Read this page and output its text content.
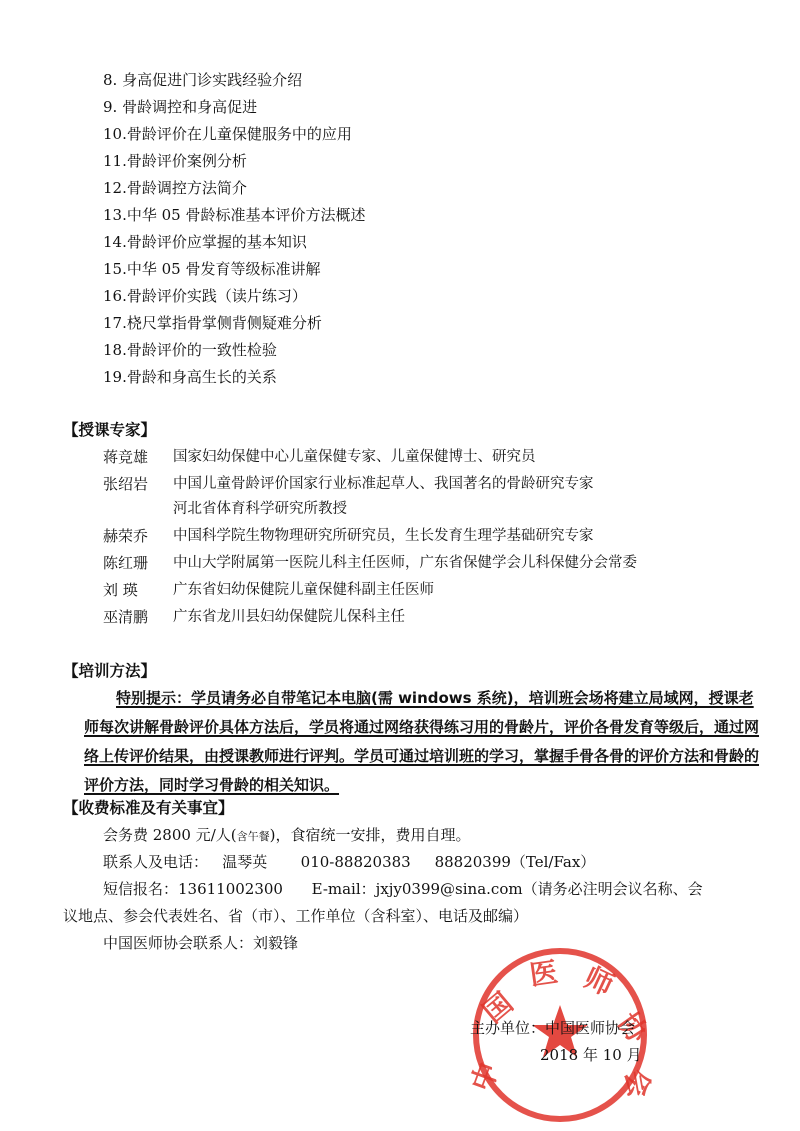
8. 身高促进门诊实践经验介绍
9. 骨龄调控和身高促进
10.骨龄评价在儿童保健服务中的应用
11.骨龄评价案例分析
12.骨龄调控方法简介
13.中华 05 骨龄标准基本评价方法概述
14.骨龄评价应掌握的基本知识
15.中华 05 骨发育等级标准讲解
16.骨龄评价实践（读片练习）
17.桡尺掌指骨掌侧背侧疑难分析
18.骨龄评价的一致性检验
19.骨龄和身高生长的关系
【授课专家】
蒋竞雄 国家妇幼保健中心儿童保健专家、儿童保健博士、研究员
张绍岩 中国儿童骨龄评价国家行业标准起草人、我国著名的骨龄研究专家
河北省体育科学研究所教授
赫荣乔 中国科学院生物物理研究所研究员，生长发育生理学基础研究专家
陈红珊 中山大学附属第一医院儿科主任医师，广东省保健学会儿科保健分会常委
刘 瑛 广东省妇幼保健院儿童保健科副主任医师
巫清鹏 广东省龙川县妇幼保健院儿保科主任
【培训方法】
特别提示：学员请务必自带笔记本电脑(需 windows 系统)，培训班会场将建立局域网，授课老师每次讲解骨龄评价具体方法后，学员将通过网络获得练习用的骨龄片，评价各骨发育等级后，通过网络上传评价结果，由授课教师进行评判。学员可通过培训班的学习，掌握手骨各骨的评价方法和骨龄的评价方法，同时学习骨龄的相关知识。
【收费标准及有关事宜】
会务费 2800 元/人(含午餐)，食宿统一安排，费用自理。
联系人及电话：   温琴英       010-88820383     88820399（Tel/Fax）
短信报名：13611002300      E-mail：jxjy0399@sina.com（请务必注明会议名称、会
议地点、参会代表姓名、省（市）、工作单位（含科室）、电话及邮编）
中国医师协会联系人：刘毅锋
中
国
医 师
协
会
主办单位：中国医师协会
2018 年 10 月
